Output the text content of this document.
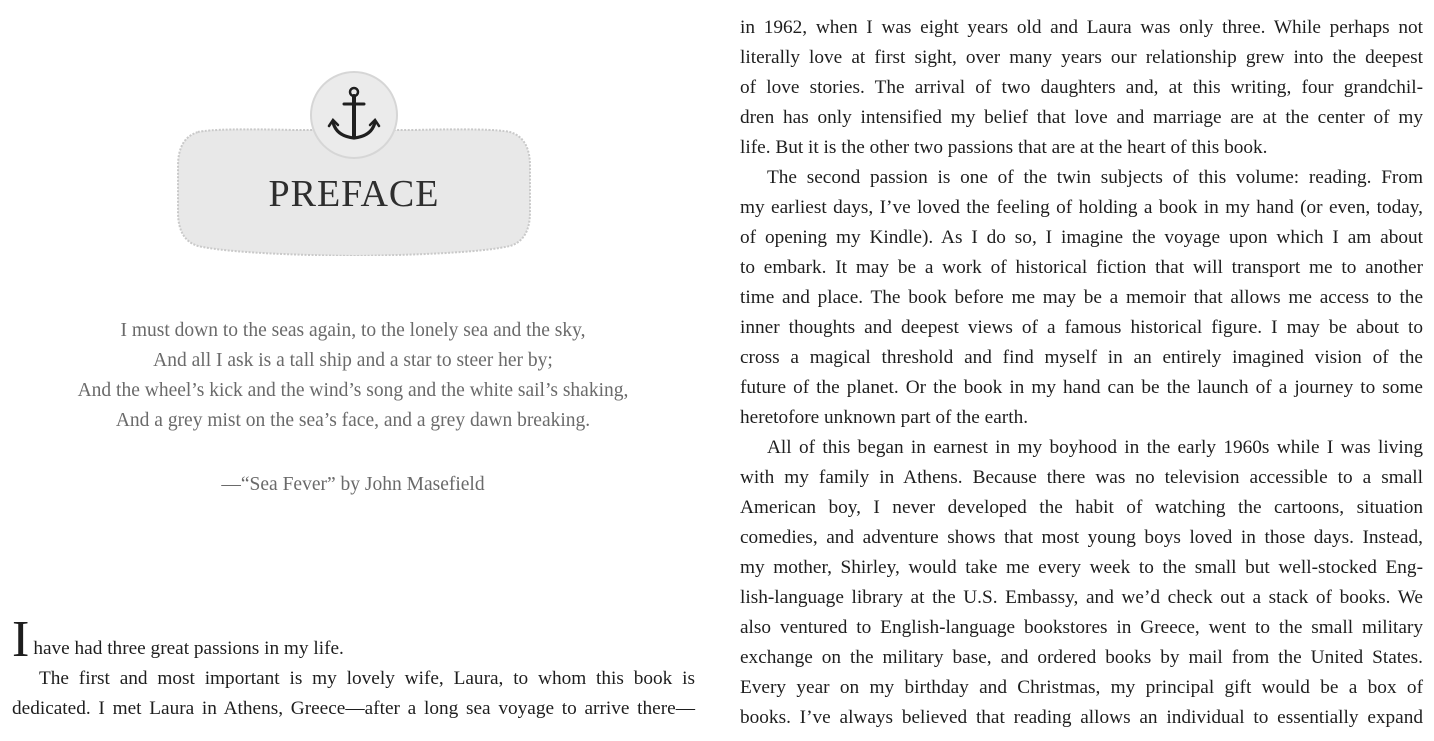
PREFACE
I must down to the seas again, to the lonely sea and the sky,
And all I ask is a tall ship and a star to steer her by;
And the wheel’s kick and the wind’s song and the white sail’s shaking,
And a grey mist on the sea’s face, and a grey dawn breaking.
—“Sea Fever” by John Masefield
I have had three great passions in my life.
The first and most important is my lovely wife, Laura, to whom this book is
dedicated. I met Laura in Athens, Greece—after a long sea voyage to arrive there—
in 1962, when I was eight years old and Laura was only three. While perhaps not
literally love at first sight, over many years our relationship grew into the deepest
of love stories. The arrival of two daughters and, at this writing, four grandchil-
dren has only intensified my belief that love and marriage are at the center of my
life. But it is the other two passions that are at the heart of this book.
The second passion is one of the twin subjects of this volume: reading. From
my earliest days, I’ve loved the feeling of holding a book in my hand (or even, today,
of opening my Kindle). As I do so, I imagine the voyage upon which I am about
to embark. It may be a work of historical fiction that will transport me to another
time and place. The book before me may be a memoir that allows me access to the
inner thoughts and deepest views of a famous historical figure. I may be about to
cross a magical threshold and find myself in an entirely imagined vision of the
future of the planet. Or the book in my hand can be the launch of a journey to some
heretofore unknown part of the earth.
All of this began in earnest in my boyhood in the early 1960s while I was living
with my family in Athens. Because there was no television accessible to a small
American boy, I never developed the habit of watching the cartoons, situation
comedies, and adventure shows that most young boys loved in those days. Instead,
my mother, Shirley, would take me every week to the small but well-stocked Eng-
lish-language library at the U.S. Embassy, and we’d check out a stack of books. We
also ventured to English-language bookstores in Greece, went to the small military
exchange on the military base, and ordered books by mail from the United States.
Every year on my birthday and Christmas, my principal gift would be a box of
books. I’ve always believed that reading allows an individual to essentially expand
